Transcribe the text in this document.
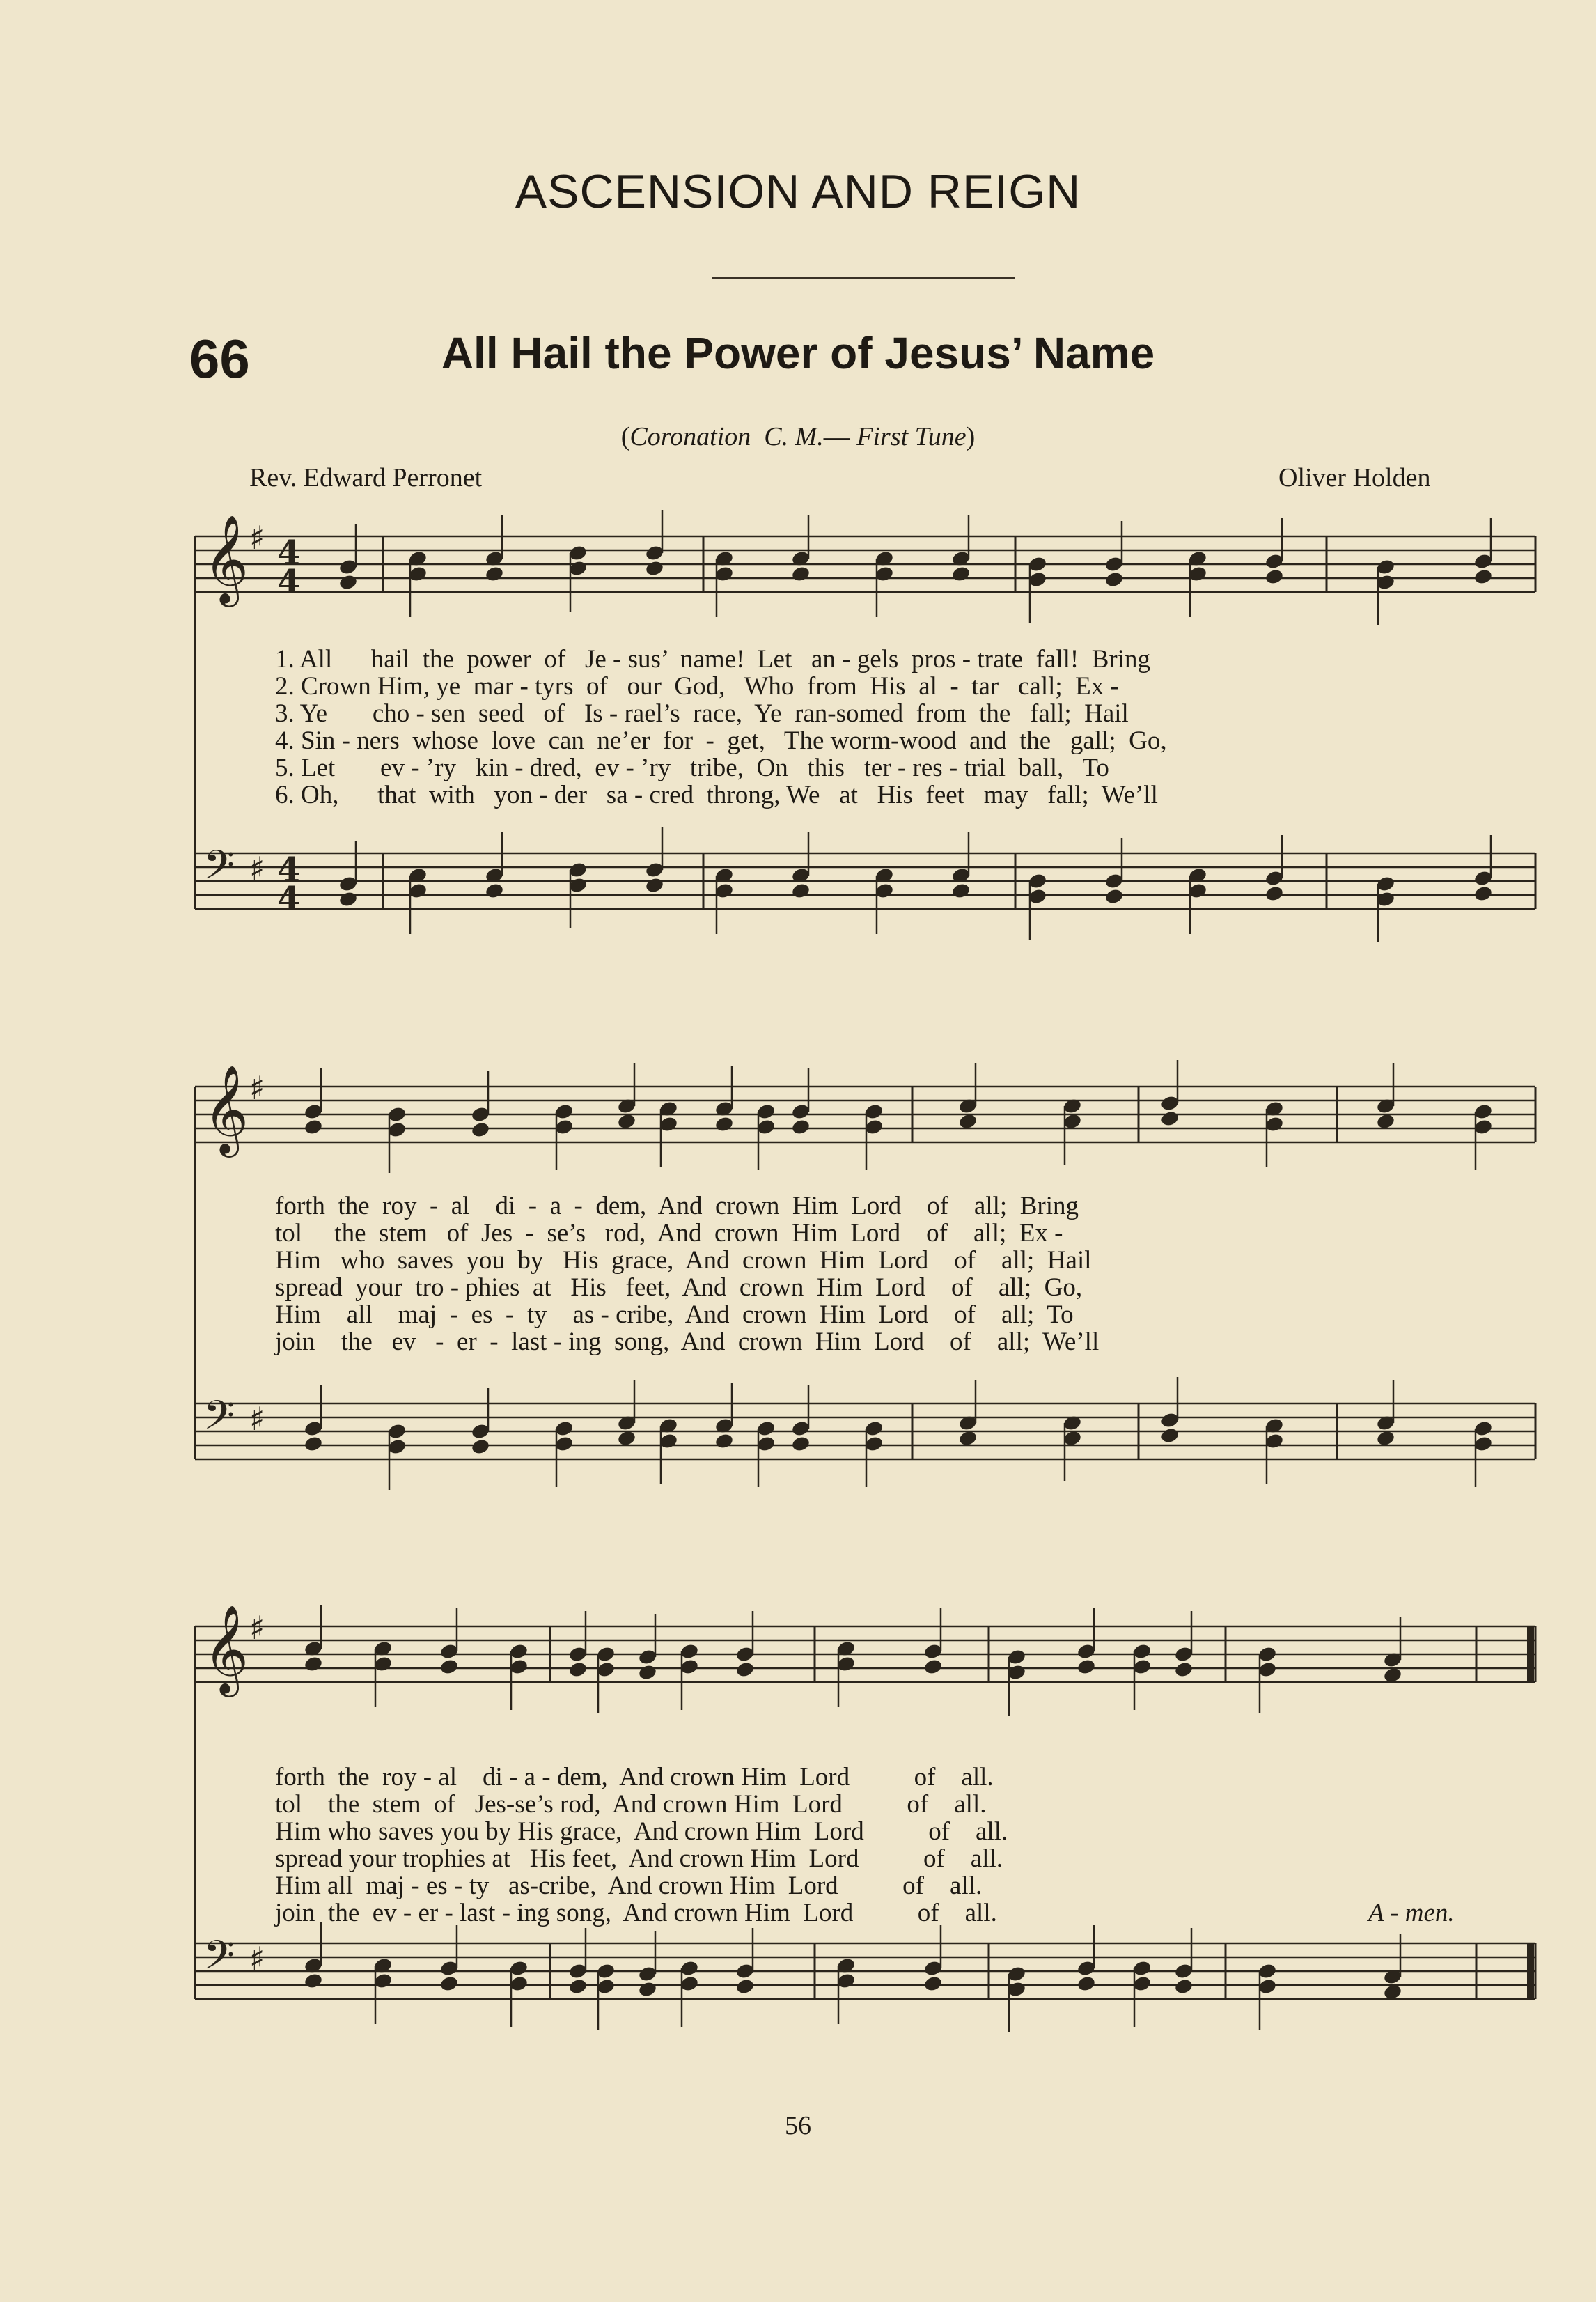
ASCENSION AND REIGN
66	All Hail the Power of Jesus’ Name
(Coronation C. M.— First Tune)
Rev. Edward Perronet	Oliver Holden
𝄞 ♯ 4
4
𝄢 ♯ 4
4
𝄞 ♯
𝄢 ♯
𝄞 ♯
𝄢 ♯
1. All      hail  the  power  of   Je - sus’  name!  Let   an - gels  pros - trate  fall!  Bring
2. Crown Him, ye  mar - tyrs  of   our  God,   Who  from  His  al  -  tar   call;  Ex -
3. Ye       cho - sen  seed   of   Is - rael’s  race,  Ye  ran-somed  from  the   fall;  Hail
4. Sin - ners  whose  love  can  ne’er  for  -  get,   The worm-wood  and  the   gall;  Go,
5. Let       ev - ’ry   kin - dred,  ev - ’ry   tribe,  On   this   ter - res - trial  ball,   To
6. Oh,      that  with   yon - der   sa - cred  throng, We   at   His  feet   may   fall;  We’ll
forth  the  roy  -  al    di  -  a  -  dem,  And  crown  Him  Lord    of    all;  Bring
tol     the  stem   of  Jes  -  se’s   rod,  And  crown  Him  Lord    of    all;  Ex -
Him   who  saves  you  by   His  grace,  And  crown  Him  Lord    of    all;  Hail
spread  your  tro - phies  at   His   feet,  And  crown  Him  Lord    of    all;  Go,
Him    all    maj  -  es  -  ty    as - cribe,  And  crown  Him  Lord    of    all;  To
join    the   ev   -  er  -  last - ing  song,  And  crown  Him  Lord    of    all;  We’ll
forth  the  roy - al    di - a - dem,  And crown Him  Lord          of    all.
tol    the  stem  of   Jes-se’s rod,  And crown Him  Lord          of    all.
Him who saves you by His grace,  And crown Him  Lord          of    all.
spread your trophies at   His feet,  And crown Him  Lord          of    all.
Him all  maj - es - ty   as-cribe,  And crown Him  Lord          of    all.
join  the  ev - er - last - ing song,  And crown Him  Lord          of    all.	A - men.
56
